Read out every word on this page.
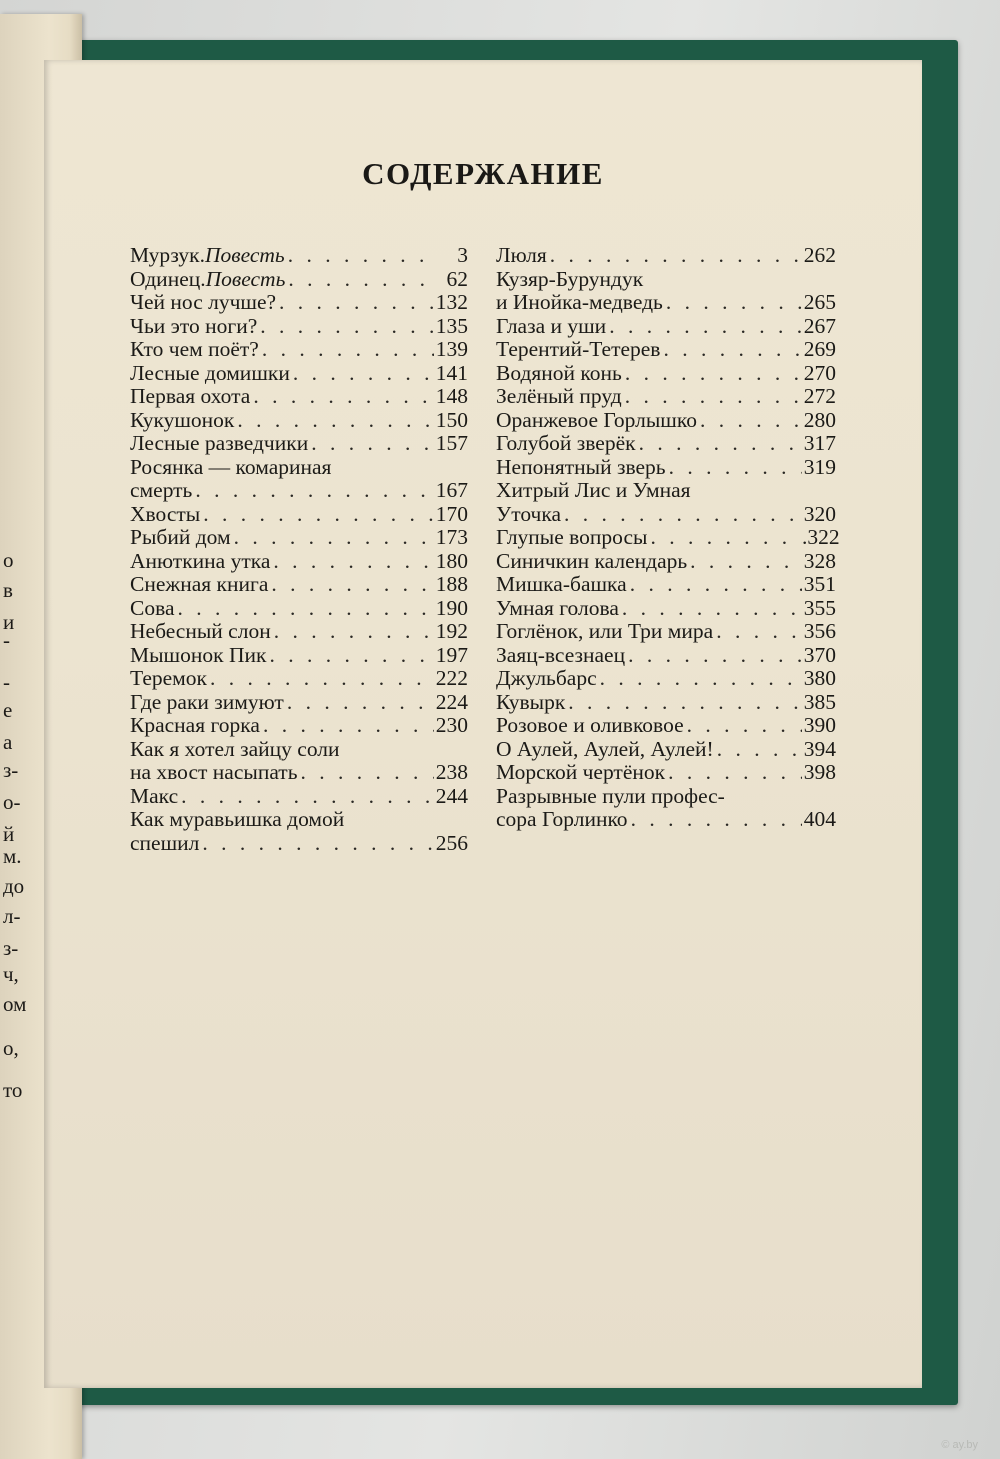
о
в
и
-
-
е
а
з-
о-
й
м.
до
л-
з-
ч,
ом
о,
то
СОДЕРЖАНИЕ
Мурзук. Повесть . . .	3
Одинец. Повесть . . .	62
Чей нос лучше? . . .	132
Чьи это ноги? . . .	135
Кто чем поёт? . . .	139
Лесные домишки . . .	141
Первая охота . . .	148
Кукушонок . . .	150
Лесные разведчики . . .	157
Росянка — комариная
смерть . . .	167
Хвосты . . .	170
Рыбий дом . . .	173
Анюткина утка . . .	180
Снежная книга . . .	188
Сова . . .	190
Небесный слон . . .	192
Мышонок Пик . . .	197
Теремок . . .	222
Где раки зимуют . . .	224
Красная горка . . .	230
Как я хотел зайцу соли
на хвост насыпать . . .	238
Макс . . .	244
Как муравьишка домой
спешил . . .	256
Люля . . .	262
Кузяр-Бурундук
и Инойка-медведь . . .	265
Глаза и уши . . .	267
Терентий-Тетерев . . .	269
Водяной конь . . .	270
Зелёный пруд . . .	272
Оранжевое Горлышко . . .	280
Голубой зверёк . . .	317
Непонятный зверь . . .	319
Хитрый Лис и Умная
Уточка . . .	320
Глупые вопросы . . .	.322
Синичкин календарь . . .	328
Мишка-башка . . .	351
Умная голова . . .	355
Гоглёнок, или Три мира . . .	356
Заяц-всезнаец . . .	370
Джульбарс . . .	380
Кувырк . . .	385
Розовое и оливковое . . .	390
О Аулей, Аулей, Аулей! . . .	394
Морской чертёнок . . .	398
Разрывные пули профес-
сора Горлинко . . .	404
© ay.by
